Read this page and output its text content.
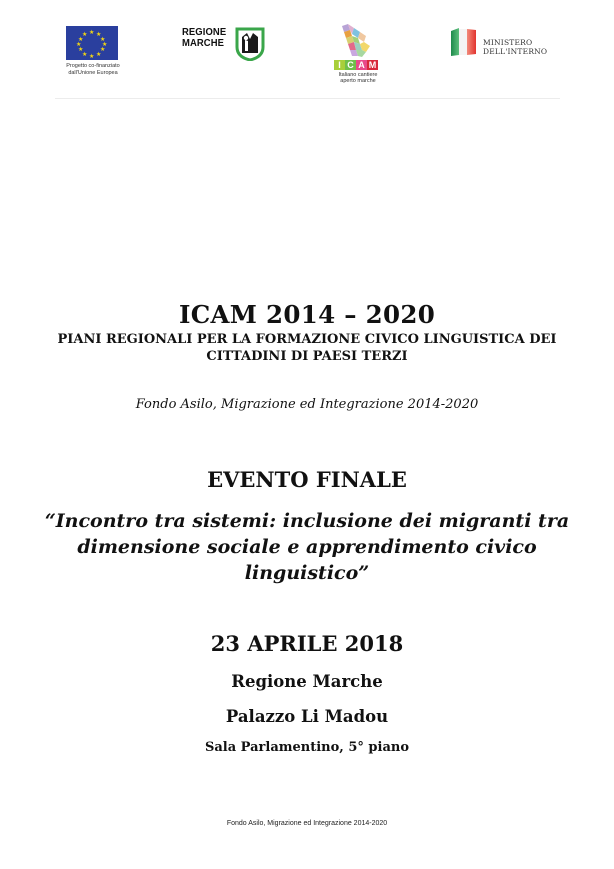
★ ★
★
★
★
★
★
★
★
★
★
★
Progetto co-finanziato
dall'Unione Europea
REGIONE
MARCHE
I C A M
Italiano cantiere
aperto marche
MINISTERO
DELL'INTERNO
ICAM 2014 – 2020
PIANI REGIONALI PER LA FORMAZIONE CIVICO LINGUISTICA DEI
CITTADINI DI PAESI TERZI
Fondo Asilo, Migrazione ed Integrazione 2014-2020
EVENTO FINALE
“Incontro tra sistemi: inclusione dei migranti tra
dimensione sociale e apprendimento civico
linguistico”
23 APRILE 2018
Regione Marche
Palazzo Li Madou
Sala Parlamentino, 5° piano
Fondo Asilo, Migrazione ed Integrazione 2014-2020
